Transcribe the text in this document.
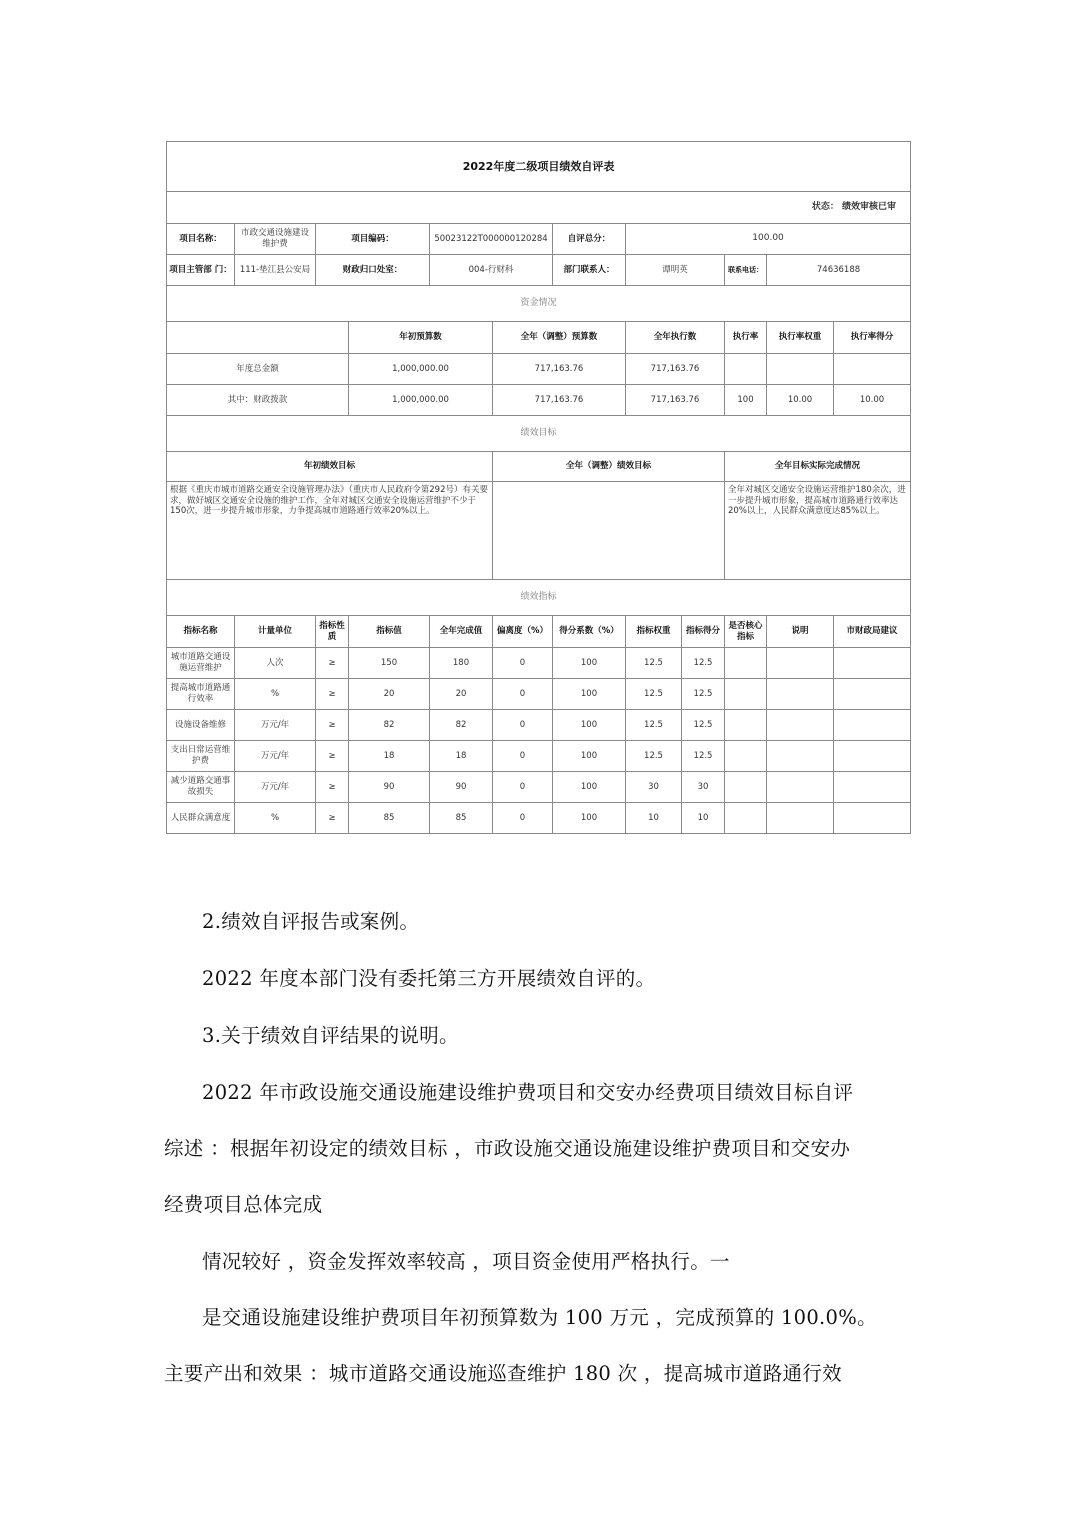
2022年度二级项目绩效自评表											
状态： 绩效审核已审											
项目名称：	市政交通设施建设维护费	项目编码：		50023122T000000120284		自评总分：	100.00				
项目主管部 门：	111-垫江县公安局	财政归口处室：		004-行财科		部门联系人：	谭明英		联系电话：	74636188	
资金情况											
			年初预算数		全年（调整）预算数		全年执行数		执行率	执行率权重	执行率得分
年度总金额			1,000,000.00		717,163.76		717,163.76				
其中：财政拨款			1,000,000.00		717,163.76		717,163.76		100	10.00	10.00
绩效目标											
年初绩效目标					全年（调整）绩效目标				全年目标实际完成情况		
根据《重庆市城市道路交通安全设施管理办法》（重庆市人民政府令第292号）有关要求，做好城区交通安全设施的维护工作，全年对城区交通安全设施运营维护不少于150次，进一步提升城市形象，力争提高城市道路通行效率20%以上。									全年对城区交通安全设施运营维护180余次，进一步提升城市形象，提高城市道路通行效率达20%以上，人民群众满意度达85%以上。		
绩效指标											
指标名称	计量单位	指标性质	指标值	全年完成值	偏离度（%）	得分系数（%）	指标权重	指标得分	是否核心指标	说明	市财政局建议
城市道路交通设施运营维护	人次	≥	150	180	0	100	12.5	12.5			
提高城市道路通行效率	%	≥	20	20	0	100	12.5	12.5			
设施设备维修	万元/年	≥	82	82	0	100	12.5	12.5			
支出日常运营维护费	万元/年	≥	18	18	0	100	12.5	12.5			
减少道路交通事故损失	万元/年	≥	90	90	0	100	30	30			
人民群众满意度	%	≥	85	85	0	100	10	10			

2.绩效自评报告或案例。

2022 年度本部门没有委托第三方开展绩效自评的。

3.关于绩效自评结果的说明。

2022 年市政设施交通设施建设维护费项目和交安办经费项目绩效目标自评

综述 ：根据年初设定的绩效目标 ，市政设施交通设施建设维护费项目和交安办

经费项目总体完成

情况较好 ，资金发挥效率较高 ，项目资金使用严格执行。一

是交通设施建设维护费项目年初预算数为 100 万元 ，完成预算的 100.0%。

主要产出和效果 ：城市道路交通设施巡查维护 180 次 ，提高城市道路通行效
